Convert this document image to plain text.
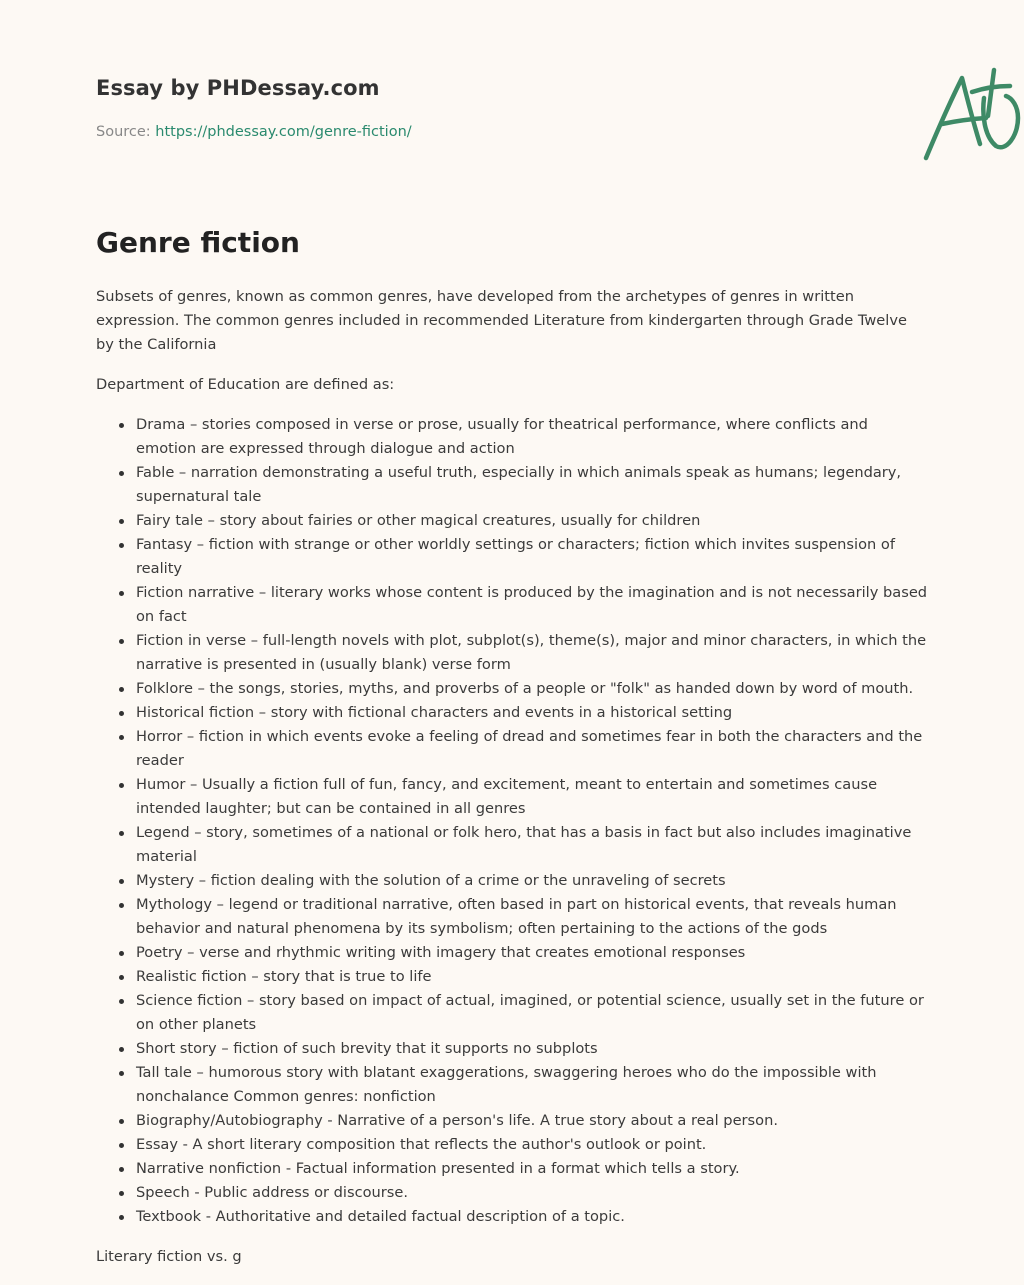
Essay by PHDessay.com
Source: https://phdessay.com/genre-fiction/
Genre fiction

Subsets of genres, known as common genres, have developed from the archetypes of genres in written expression. The common genres included in recommended Literature from kindergarten through Grade Twelve by the California

Department of Education are defined as:

Drama – stories composed in verse or prose, usually for theatrical performance, where conflicts and emotion are expressed through dialogue and action
Fable – narration demonstrating a useful truth, especially in which animals speak as humans; legendary, supernatural tale
Fairy tale – story about fairies or other magical creatures, usually for children
Fantasy – fiction with strange or other worldly settings or characters; fiction which invites suspension of reality
Fiction narrative – literary works whose content is produced by the imagination and is not necessarily based on fact
Fiction in verse – full-length novels with plot, subplot(s), theme(s), major and minor characters, in which the narrative is presented in (usually blank) verse form
Folklore – the songs, stories, myths, and proverbs of a people or "folk" as handed down by word of mouth.
Historical fiction – story with fictional characters and events in a historical setting
Horror – fiction in which events evoke a feeling of dread and sometimes fear in both the characters and the reader
Humor – Usually a fiction full of fun, fancy, and excitement, meant to entertain and sometimes cause intended laughter; but can be contained in all genres
Legend – story, sometimes of a national or folk hero, that has a basis in fact but also includes imaginative material
Mystery – fiction dealing with the solution of a crime or the unraveling of secrets
Mythology – legend or traditional narrative, often based in part on historical events, that reveals human behavior and natural phenomena by its symbolism; often pertaining to the actions of the gods
Poetry – verse and rhythmic writing with imagery that creates emotional responses
Realistic fiction – story that is true to life
Science fiction – story based on impact of actual, imagined, or potential science, usually set in the future or on other planets
Short story – fiction of such brevity that it supports no subplots
Tall tale – humorous story with blatant exaggerations, swaggering heroes who do the impossible with nonchalance Common genres: nonfiction
Biography/Autobiography - Narrative of a person's life. A true story about a real person.
Essay - A short literary composition that reflects the author's outlook or point.
Narrative nonfiction - Factual information presented in a format which tells a story.
Speech - Public address or discourse.
Textbook - Authoritative and detailed factual description of a topic.

Literary fiction vs. g
